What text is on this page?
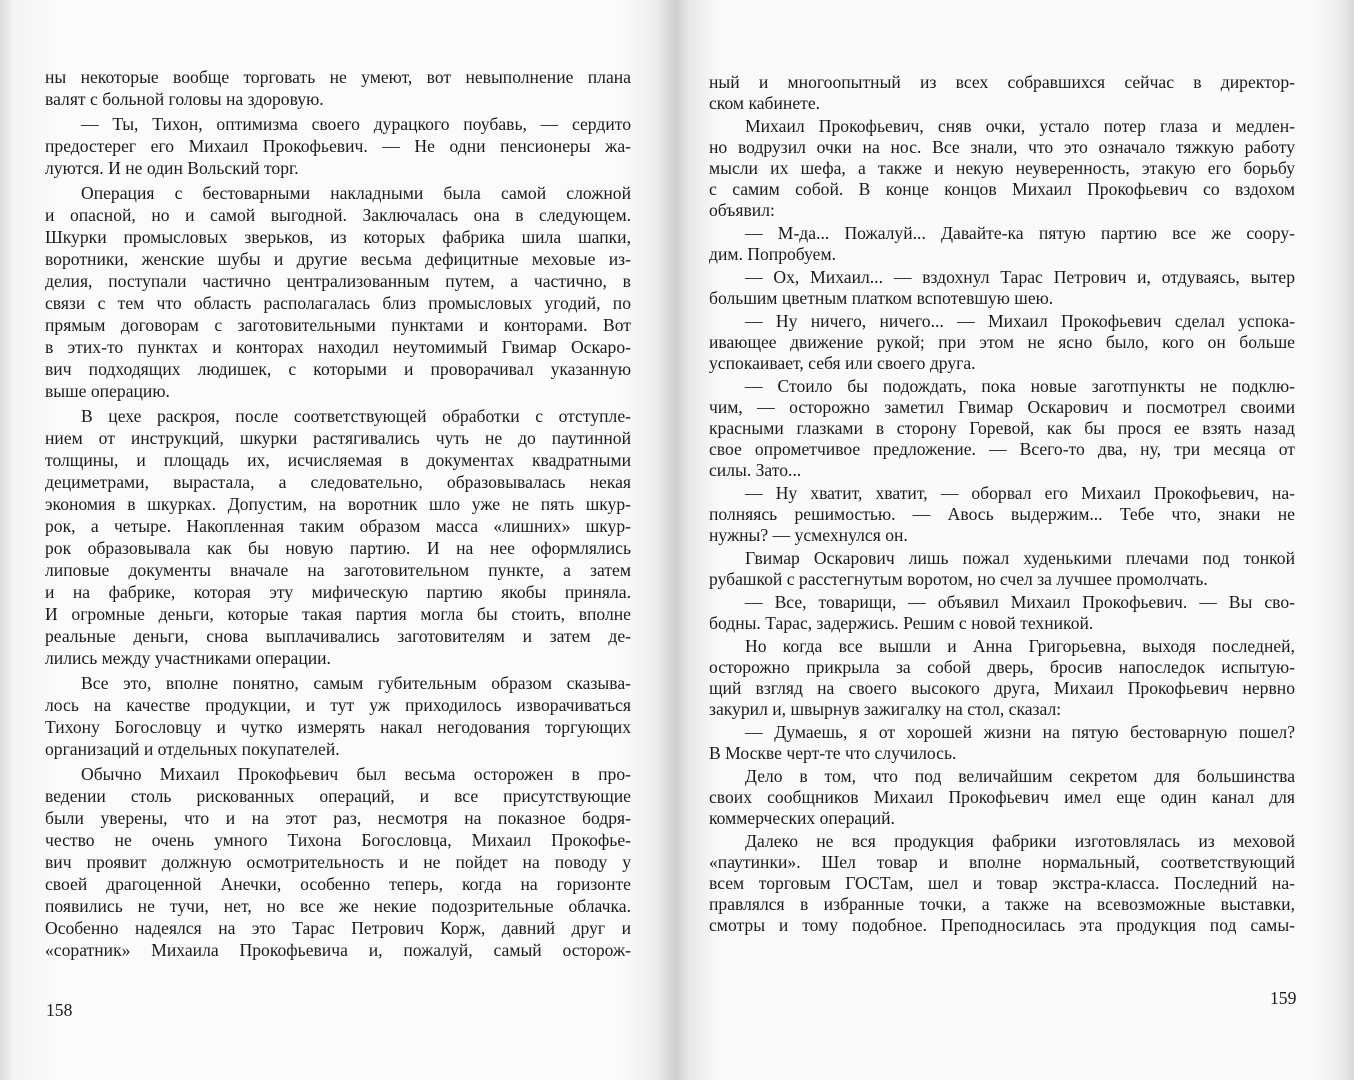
ны некоторые вообще торговать не умеют, вот невыполнение плана
валят с больной головы на здоровую.
— Ты, Тихон, оптимизма своего дурацкого поубавь, — сердито
предостерег его Михаил Прокофьевич. — Не одни пенсионеры жа-
луются. И не один Вольский торг.
Операция с бестоварными накладными была самой сложной
и опасной, но и самой выгодной. Заключалась она в следующем.
Шкурки промысловых зверьков, из которых фабрика шила шапки,
воротники, женские шубы и другие весьма дефицитные меховые из-
делия, поступали частично централизованным путем, а частично, в
связи с тем что область располагалась близ промысловых угодий, по
прямым договорам с заготовительными пунктами и конторами. Вот
в этих-то пунктах и конторах находил неутомимый Гвимар Оскаро-
вич подходящих людишек, с которыми и проворачивал указанную
выше операцию.
В цехе раскроя, после соответствующей обработки с отступле-
нием от инструкций, шкурки растягивались чуть не до паутинной
толщины, и площадь их, исчисляемая в документах квадратными
дециметрами, вырастала, а следовательно, образовывалась некая
экономия в шкурках. Допустим, на воротник шло уже не пять шкур-
рок, а четыре. Накопленная таким образом масса «лишних» шкур-
рок образовывала как бы новую партию. И на нее оформлялись
липовые документы вначале на заготовительном пункте, а затем
и на фабрике, которая эту мифическую партию якобы приняла.
И огромные деньги, которые такая партия могла бы стоить, вполне
реальные деньги, снова выплачивались заготовителям и затем де-
лились между участниками операции.
Все это, вполне понятно, самым губительным образом сказыва-
лось на качестве продукции, и тут уж приходилось изворачиваться
Тихону Богословцу и чутко измерять накал негодования торгующих
организаций и отдельных покупателей.
Обычно Михаил Прокофьевич был весьма осторожен в про-
ведении столь рискованных операций, и все присутствующие
были уверены, что и на этот раз, несмотря на показное бодря-
чество не очень умного Тихона Богословца, Михаил Прокофье-
вич проявит должную осмотрительность и не пойдет на поводу у
своей драгоценной Анечки, особенно теперь, когда на горизонте
появились не тучи, нет, но все же некие подозрительные облачка.
Особенно надеялся на это Тарас Петрович Корж, давний друг и
«соратник» Михаила Прокофьевича и, пожалуй, самый осторож-
ный и многоопытный из всех собравшихся сейчас в директор-
ском кабинете.
Михаил Прокофьевич, сняв очки, устало потер глаза и медлен-
но водрузил очки на нос. Все знали, что это означало тяжкую работу
мысли их шефа, а также и некую неуверенность, этакую его борьбу
с самим собой. В конце концов Михаил Прокофьевич со вздохом
объявил:
— М-да... Пожалуй... Давайте-ка пятую партию все же соору-
дим. Попробуем.
— Ох, Михаил... — вздохнул Тарас Петрович и, отдуваясь, вытер
большим цветным платком вспотевшую шею.
— Ну ничего, ничего... — Михаил Прокофьевич сделал успока-
ивающее движение рукой; при этом не ясно было, кого он больше
успокаивает, себя или своего друга.
— Стоило бы подождать, пока новые заготпункты не подклю-
чим, — осторожно заметил Гвимар Оскарович и посмотрел своими
красными глазками в сторону Горевой, как бы прося ее взять назад
свое опрометчивое предложение. — Всего-то два, ну, три месяца от
силы. Зато...
— Ну хватит, хватит, — оборвал его Михаил Прокофьевич, на-
полняясь решимостью. — Авось выдержим... Тебе что, знаки не
нужны? — усмехнулся он.
Гвимар Оскарович лишь пожал худенькими плечами под тонкой
рубашкой с расстегнутым воротом, но счел за лучшее промолчать.
— Все, товарищи, — объявил Михаил Прокофьевич. — Вы сво-
бодны. Тарас, задержись. Решим с новой техникой.
Но когда все вышли и Анна Григорьевна, выходя последней,
осторожно прикрыла за собой дверь, бросив напоследок испытую-
щий взгляд на своего высокого друга, Михаил Прокофьевич нервно
закурил и, швырнув зажигалку на стол, сказал:
— Думаешь, я от хорошей жизни на пятую бестоварную пошел?
В Москве черт-те что случилось.
Дело в том, что под величайшим секретом для большинства
своих сообщников Михаил Прокофьевич имел еще один канал для
коммерческих операций.
Далеко не вся продукция фабрики изготовлялась из меховой
«паутинки». Шел товар и вполне нормальный, соответствующий
всем торговым ГОСТам, шел и товар экстра-класса. Последний на-
правлялся в избранные точки, а также на всевозможные выставки,
смотры и тому подобное. Преподносилась эта продукция под самы-
158
159
